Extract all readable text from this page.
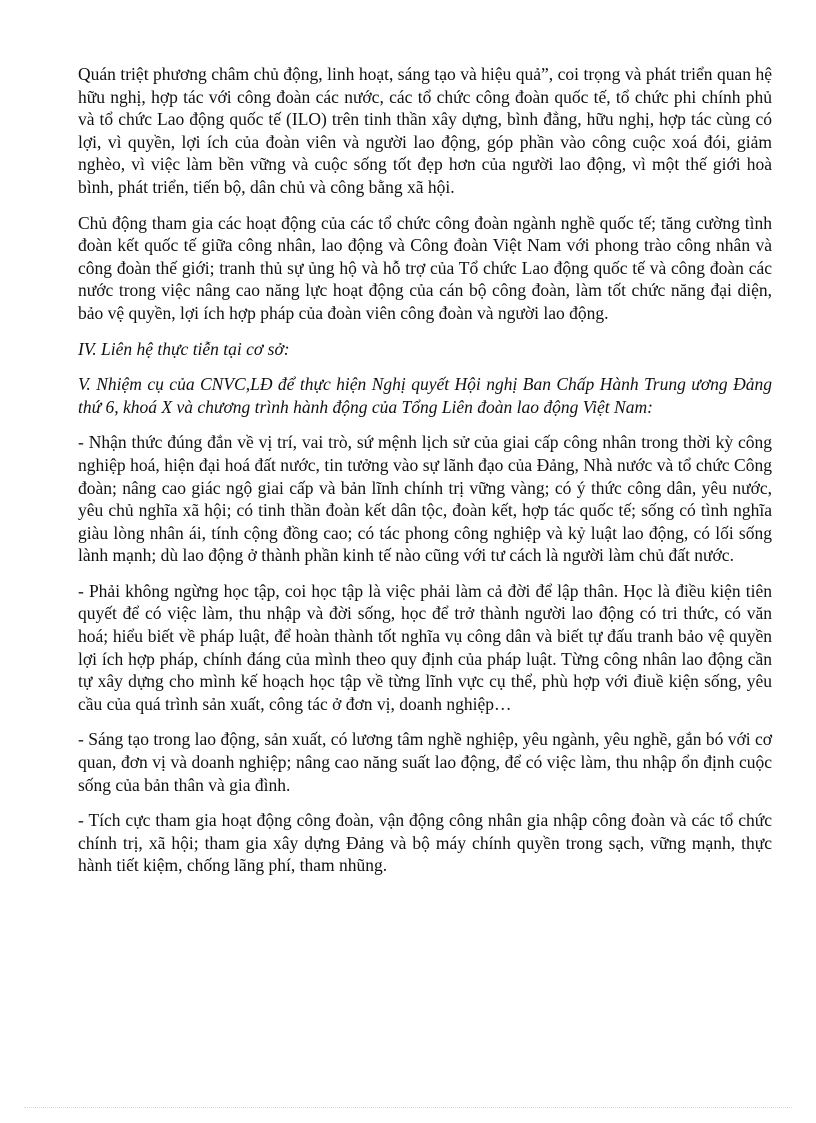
Quán triệt phương châm chủ động, linh hoạt, sáng tạo và hiệu quả”, coi trọng và phát triển quan hệ hữu nghị, hợp tác với công đoàn các nước, các tổ chức công đoàn quốc tế, tổ chức phi chính phủ và tổ chức Lao động quốc tế (ILO) trên tinh thần xây dựng, bình đẳng, hữu nghị, hợp tác cùng có lợi, vì quyền, lợi ích của đoàn viên và người lao động, góp phần vào công cuộc xoá đói, giảm nghèo, vì việc làm bền vững và cuộc sống tốt đẹp hơn của người lao động, vì một thế giới hoà bình, phát triển, tiến bộ, dân chủ và công bằng xã hội.

Chủ động tham gia các hoạt động của các tổ chức công đoàn ngành nghề quốc tế; tăng cường tình đoàn kết quốc tế giữa công nhân, lao động và Công đoàn Việt Nam với phong trào công nhân và công đoàn thế giới; tranh thủ sự ủng hộ và hỗ trợ của Tổ chức Lao động quốc tế và công đoàn các nước trong việc nâng cao năng lực hoạt động của cán bộ công đoàn, làm tốt chức năng đại diện, bảo vệ quyền, lợi ích hợp pháp của đoàn viên công đoàn và người lao động.

IV. Liên hệ thực tiễn tại cơ sở:

V. Nhiệm cụ của CNVC,LĐ để thực hiện Nghị quyết Hội nghị Ban Chấp Hành Trung ương Đảng thứ 6, khoá X và chương trình hành động của Tổng Liên đoàn lao động Việt Nam:

- Nhận thức đúng đắn về vị trí, vai trò, sứ mệnh lịch sử của giai cấp công nhân trong thời kỳ công nghiệp hoá, hiện đại hoá đất nước, tin tưởng vào sự lãnh đạo của Đảng, Nhà nước và tổ chức Công đoàn; nâng cao giác ngộ giai cấp và bản lĩnh chính trị vững vàng; có ý thức công dân, yêu nước, yêu chủ nghĩa xã hội; có tinh thần đoàn kết dân tộc, đoàn kết, hợp tác quốc tế; sống có tình nghĩa giàu lòng nhân ái, tính cộng đồng cao; có tác phong công nghiệp và kỷ luật lao động, có lối sống lành mạnh; dù lao động ở thành phần kinh tế nào cũng với tư cách là người làm chủ đất nước.

- Phải không ngừng học tập, coi học tập là việc phải làm cả đời để lập thân. Học là điều kiện tiên quyết để có việc làm, thu nhập và đời sống, học để trở thành người lao động có tri thức, có văn hoá; hiểu biết về pháp luật, để hoàn thành tốt nghĩa vụ công dân và biết tự đấu tranh bảo vệ quyền lợi ích hợp pháp, chính đáng của mình theo quy định của pháp luật. Từng công nhân lao động cần tự xây dựng cho mình kế hoạch học tập về từng lĩnh vực cụ thể, phù hợp với điuề kiện sống, yêu cầu của quá trình sản xuất, công tác ở đơn vị, doanh nghiệp…

- Sáng tạo trong lao động, sản xuất, có lương tâm nghề nghiệp, yêu ngành, yêu nghề, gắn bó với cơ quan, đơn vị và doanh nghiệp; nâng cao năng suất lao động, để có việc làm, thu nhập ổn định cuộc sống của bản thân và gia đình.

- Tích cực tham gia hoạt động công đoàn, vận động công nhân gia nhập công đoàn và các tổ chức chính trị, xã hội; tham gia xây dựng Đảng và bộ máy chính quyền trong sạch, vững mạnh, thực hành tiết kiệm, chống lãng phí, tham nhũng.
